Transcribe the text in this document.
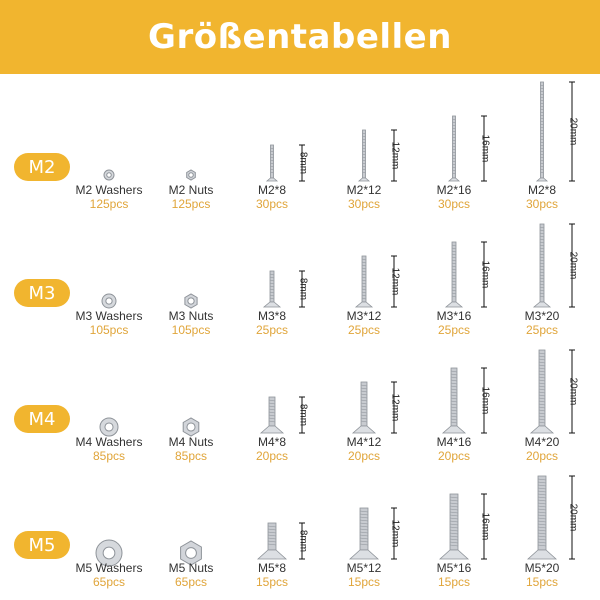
Größentabellen
M2
M2 Washers
125pcs
M2 Nuts
125pcs
8mm
M2*8
30pcs
12mm
M2*12
30pcs
16mm
M2*16
30pcs
20mm
M2*8
30pcs
M3
M3 Washers
105pcs
M3 Nuts
105pcs
8mm
M3*8
25pcs
12mm
M3*12
25pcs
16mm
M3*16
25pcs
20mm
M3*20
25pcs
M4
M4 Washers
85pcs
M4 Nuts
85pcs
8mm
M4*8
20pcs
12mm
M4*12
20pcs
16mm
M4*16
20pcs
20mm
M4*20
20pcs
M5
M5 Washers
65pcs
M5 Nuts
65pcs
8mm
M5*8
15pcs
12mm
M5*12
15pcs
16mm
M5*16
15pcs
20mm
M5*20
15pcs
